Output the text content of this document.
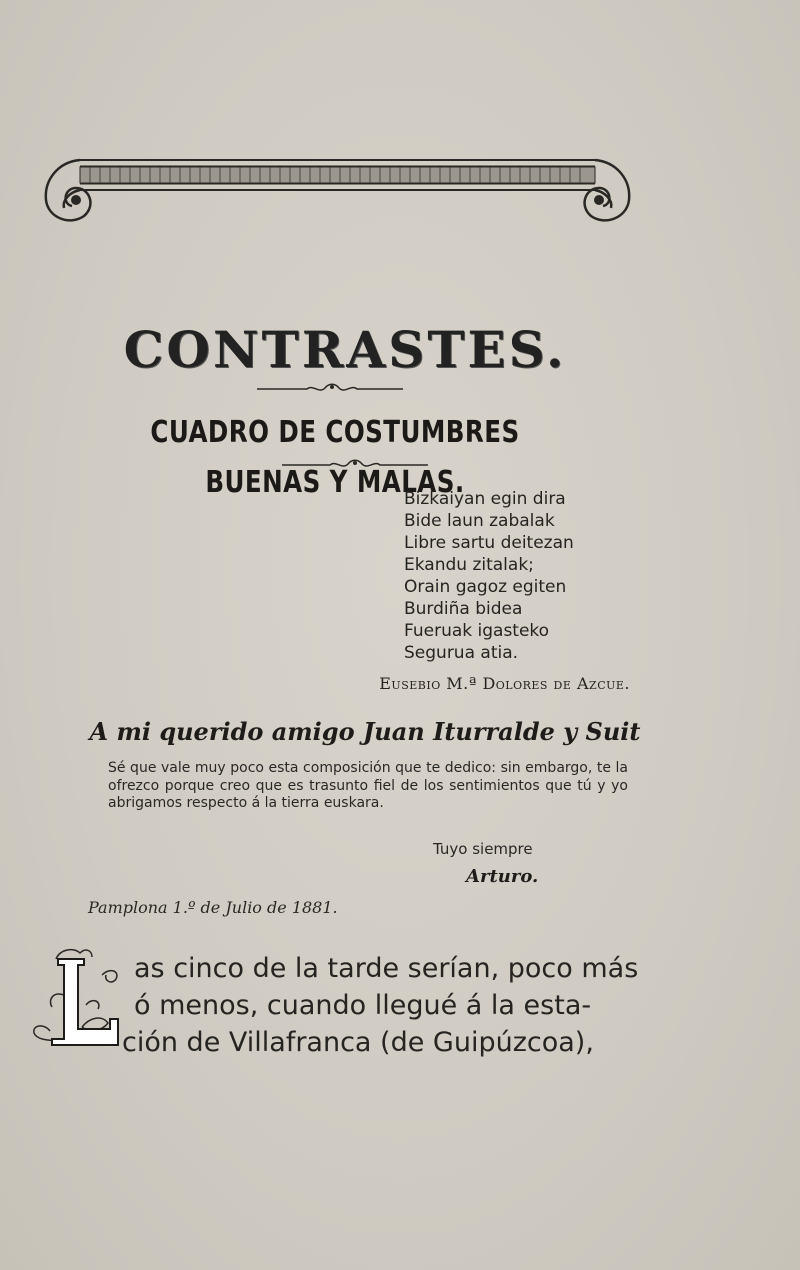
CONTRASTES.
CUADRO DE COSTUMBRES BUENAS Y MALAS.
Bizkaiyan egin dira
Bide laun zabalak
Libre sartu deitezan
Ekandu zitalak;
Orain gagoz egiten
Burdiña bidea
Fueruak igasteko
Segurua atia.
Eusebio M.ª Dolores de Azcue.
A mi querido amigo Juan Iturralde y Suit
Sé que vale muy poco esta composición que te dedico: sin embargo, te la ofrezco porque creo que es trasunto fiel de los sentimientos que tú y yo abrigamos respecto á la tierra euskara.
Tuyo siempre
Arturo.
Pamplona 1.º de Julio de 1881.
as cinco de la tarde serían, poco más
ó menos, cuando llegué á la esta-
ción de Villafranca (de Guipúzcoa),
